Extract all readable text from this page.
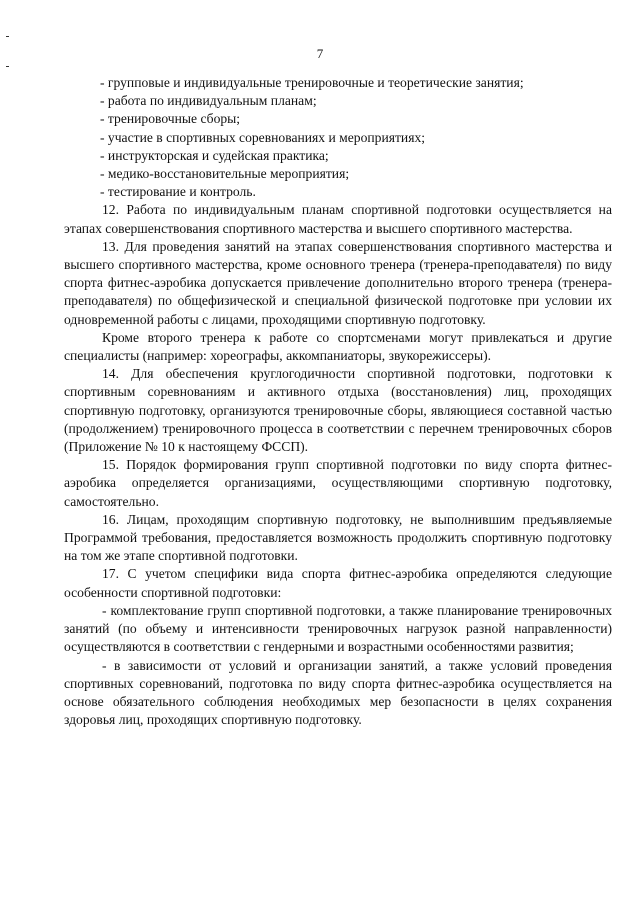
7

- групповые и индивидуальные тренировочные и теоретические занятия;

- работа по индивидуальным планам;

- тренировочные сборы;

- участие в спортивных соревнованиях и мероприятиях;

- инструкторская и судейская практика;

- медико-восстановительные мероприятия;

- тестирование и контроль.

12. Работа по индивидуальным планам спортивной подготовки осуществляется на этапах совершенствования спортивного мастерства и высшего спортивного мастерства.

13. Для проведения занятий на этапах совершенствования спортивного мастерства и высшего спортивного мастерства, кроме основного тренера (тренера-преподавателя) по виду спорта фитнес-аэробика допускается привлечение дополнительно второго тренера (тренера-преподавателя) по общефизической и специальной физической подготовке при условии их одновременной работы с лицами, проходящими спортивную подготовку.

Кроме второго тренера к работе со спортсменами могут привлекаться и другие специалисты (например: хореографы, аккомпаниаторы, звукорежиссеры).

14. Для обеспечения круглогодичности спортивной подготовки, подготовки к спортивным соревнованиям и активного отдыха (восстановления) лиц, проходящих спортивную подготовку, организуются тренировочные сборы, являющиеся составной частью (продолжением) тренировочного процесса в соответствии с перечнем тренировочных сборов (Приложение № 10 к настоящему ФССП).

15. Порядок формирования групп спортивной подготовки по виду спорта фитнес-аэробика определяется организациями, осуществляющими спортивную подготовку, самостоятельно.

16. Лицам, проходящим спортивную подготовку, не выполнившим предъявляемые Программой требования, предоставляется возможность продолжить спортивную подготовку на том же этапе спортивной подготовки.

17. С учетом специфики вида спорта фитнес-аэробика определяются следующие особенности спортивной подготовки:

- комплектование групп спортивной подготовки, а также планирование тренировочных занятий (по объему и интенсивности тренировочных нагрузок разной направленности) осуществляются в соответствии с гендерными и возрастными особенностями развития;

- в зависимости от условий и организации занятий, а также условий проведения спортивных соревнований, подготовка по виду спорта фитнес-аэробика осуществляется на основе обязательного соблюдения необходимых мер безопасности в целях сохранения здоровья лиц, проходящих спортивную подготовку.
